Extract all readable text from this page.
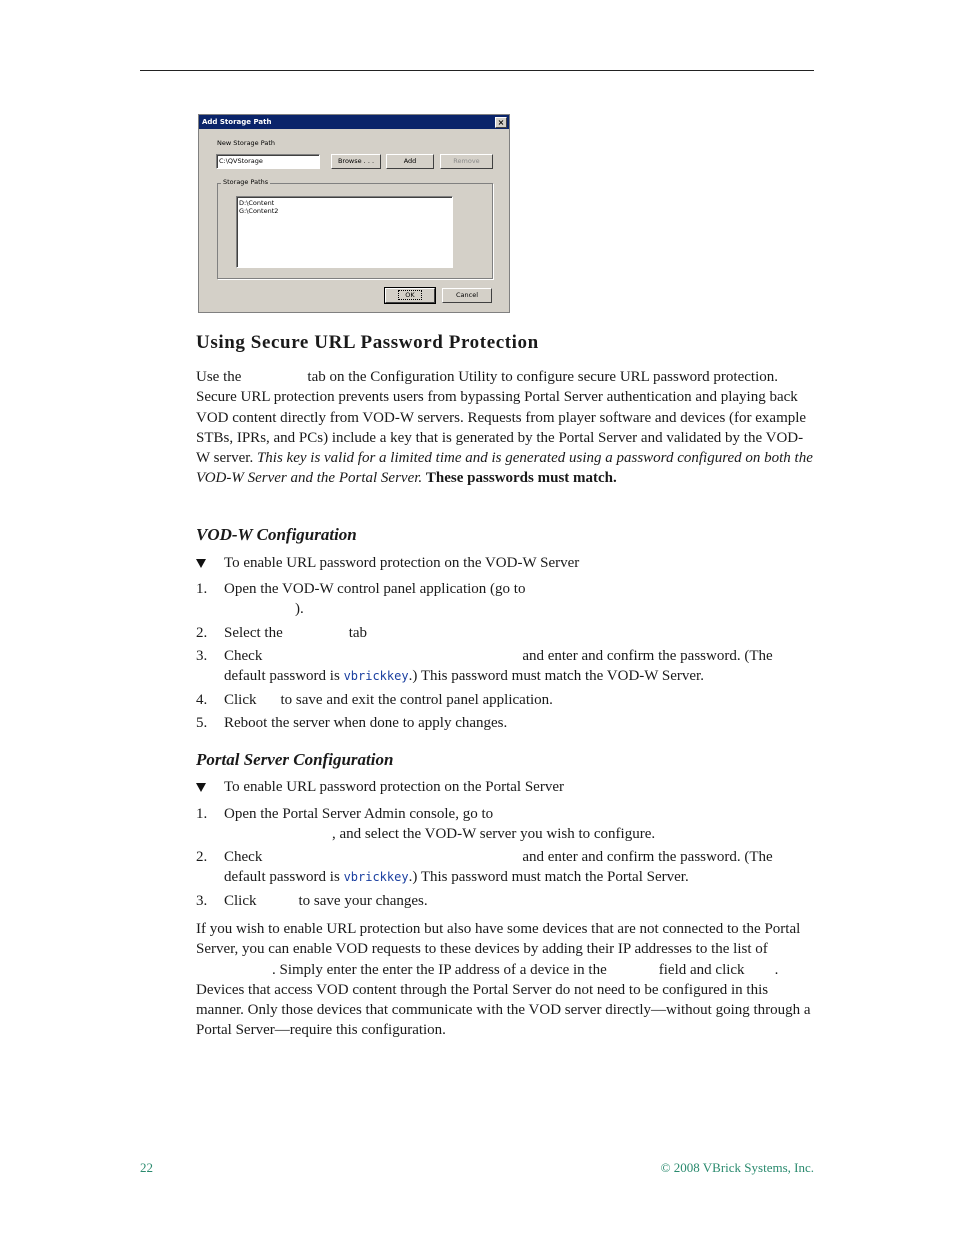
Add Storage Path	×
New Storage Path
C:\QVStorage	Browse . . .	Add	Remove
Storage Paths
D:\Content
G:\Content2
OK	Cancel
Using Secure URL Password Protection

Use the	tab on the Configuration Utility to configure secure URL password protection. Secure URL protection prevents users from bypassing Portal Server authentication and playing back VOD content directly from VOD-W servers. Requests from player software and devices (for example STBs, IPRs, and PCs) include a key that is generated by the Portal Server and validated by the VOD-W server. This key is valid for a limited time and is generated using a password configured on both the VOD-W Server and the Portal Server. These passwords must match.

VOD-W Configuration
To enable URL password protection on the VOD-W Server
1. Open the VOD-W control panel application (go to
).
2. Select the	tab
3. Check	and enter and confirm the password. (The default password is vbrickkey.) This password must match the VOD-W Server.
4. Click to save and exit the control panel application.
5. Reboot the server when done to apply changes.
Portal Server Configuration
To enable URL password protection on the Portal Server
1. Open the Portal Server Admin console, go to
, and select the VOD-W server you wish to configure.
2. Check	and enter and confirm the password. (The default password is vbrickkey.) This password must match the Portal Server.
3. Click	to save your changes.

If you wish to enable URL protection but also have some devices that are not connected to the Portal Server, you can enable VOD requests to these devices by adding their IP addresses to the list of. Simply enter the enter the IP address of a device in the	field and click . Devices that access VOD content through the Portal Server do not need to be configured in this manner. Only those devices that communicate with the VOD server directly—without going through a Portal Server—require this configuration.

22	© 2008 VBrick Systems, Inc.
